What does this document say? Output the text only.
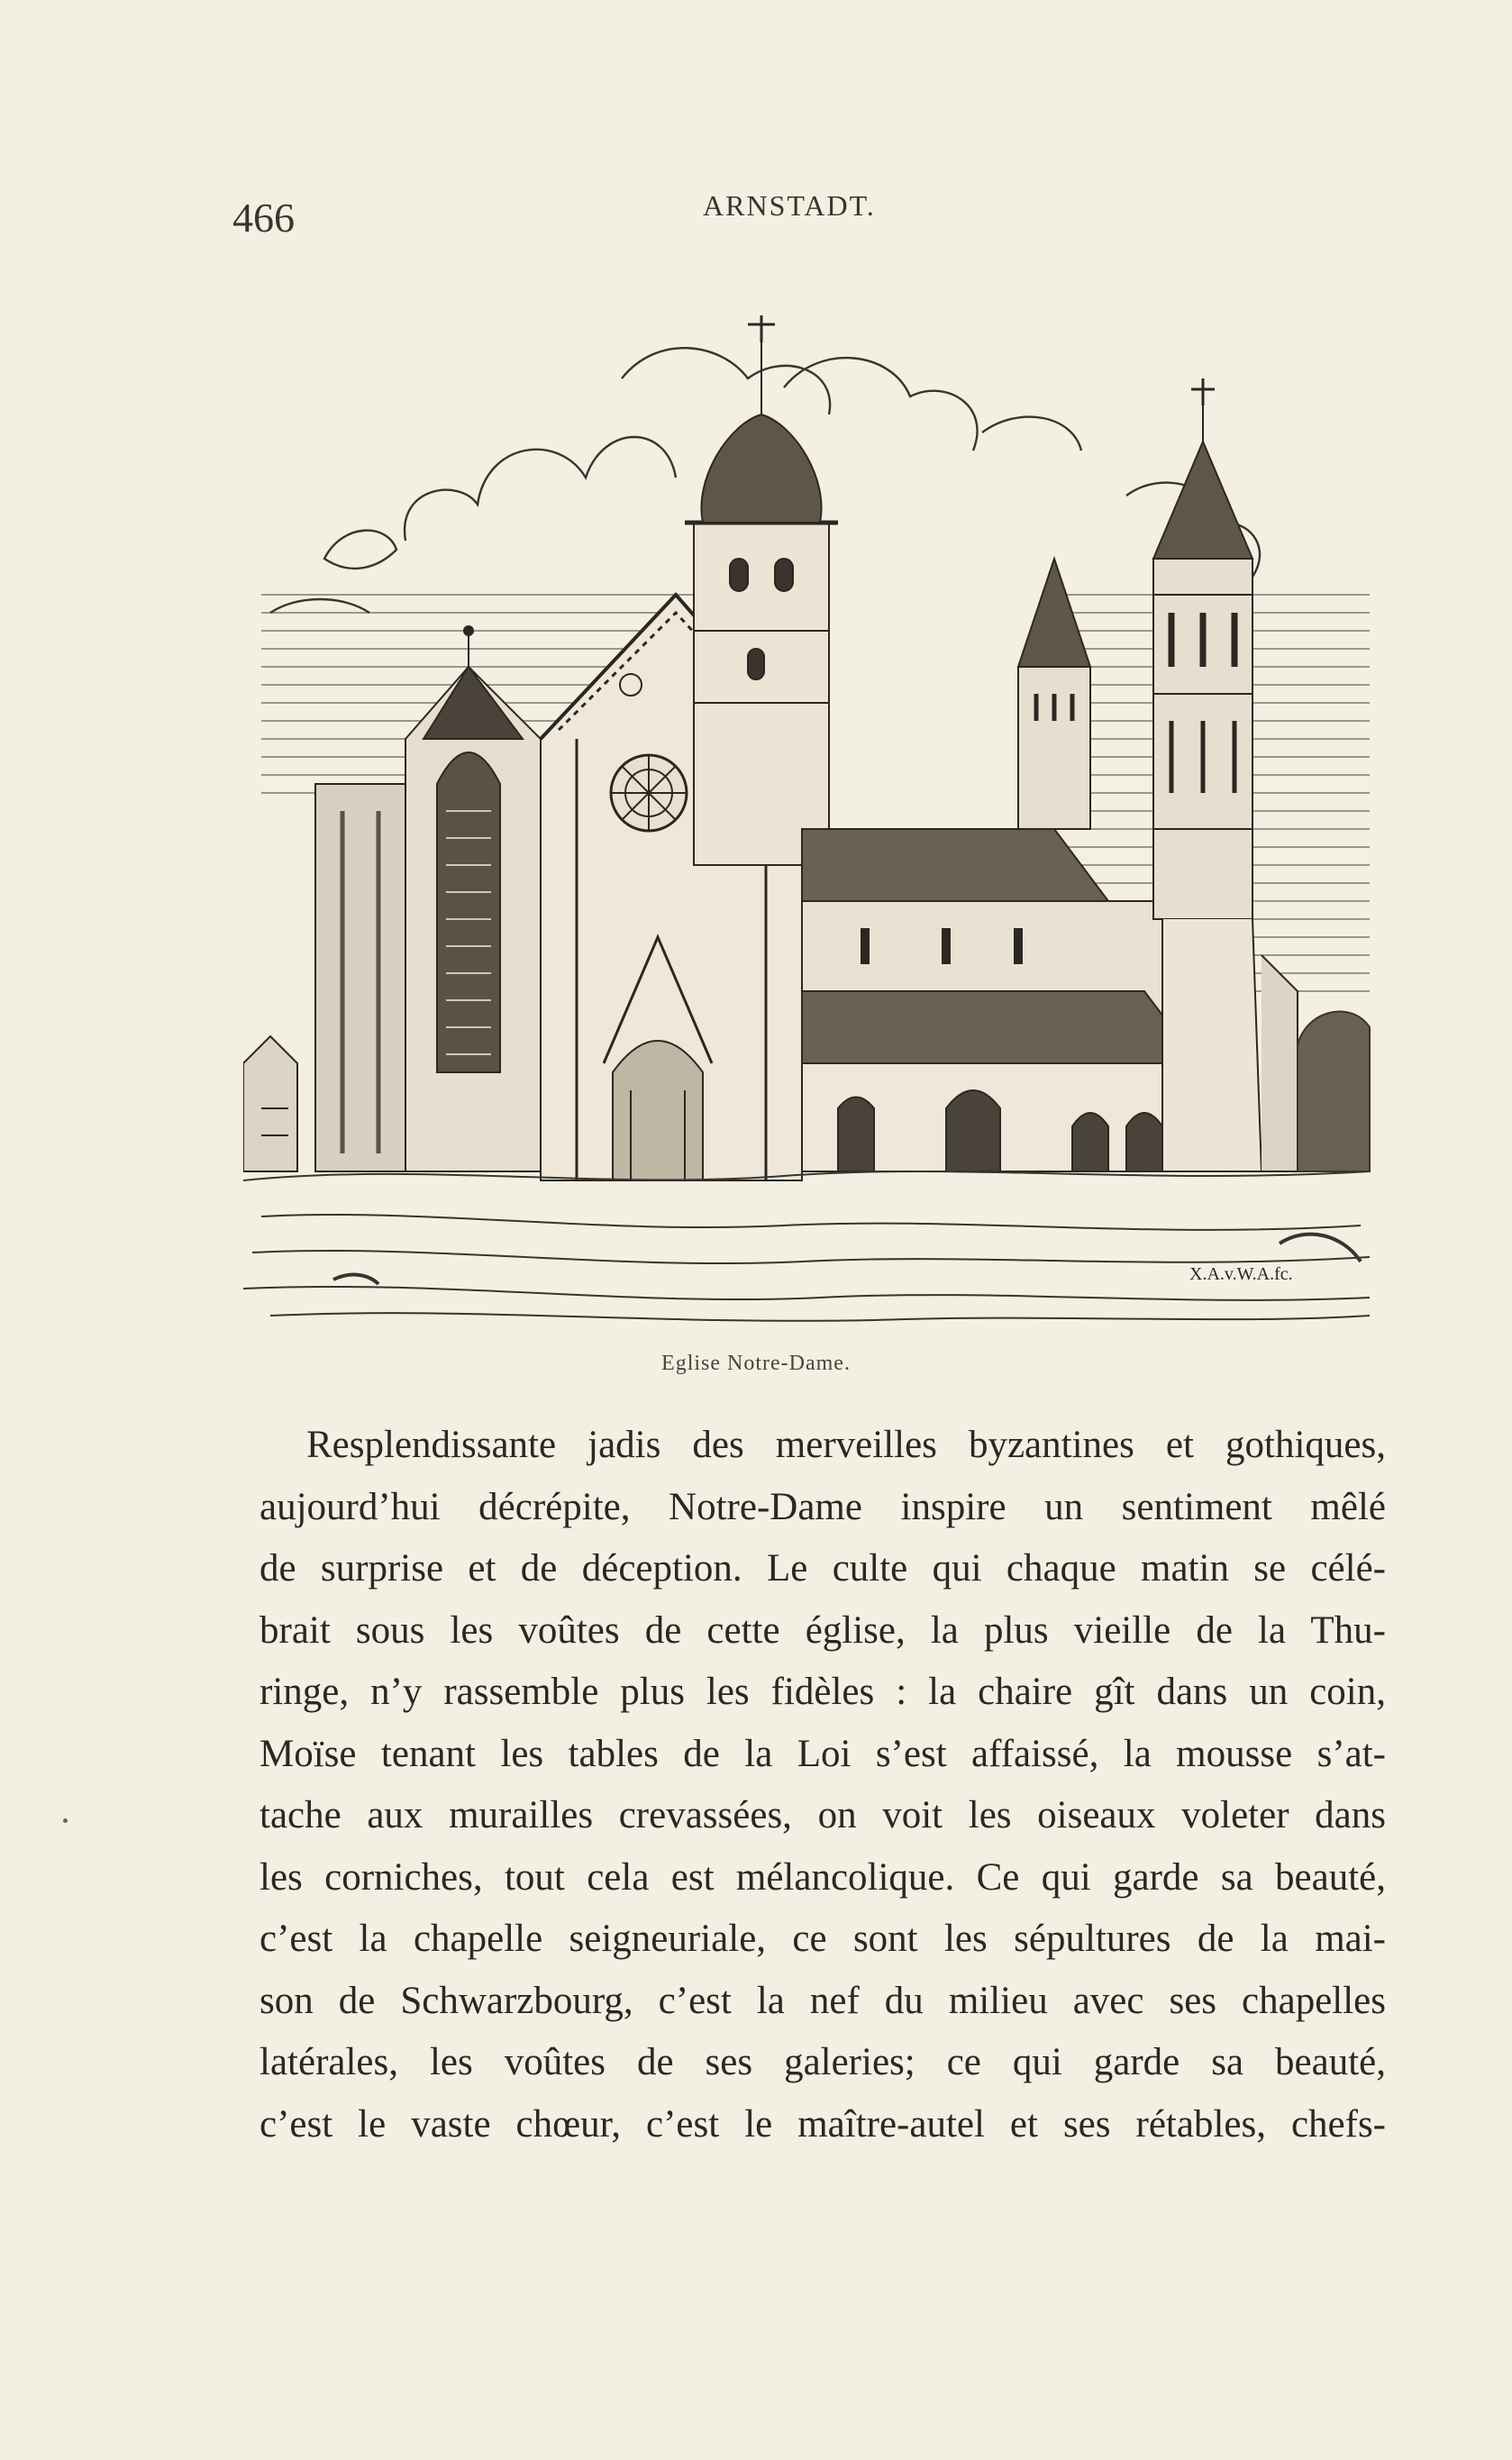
466	ARNSTADT.
X.A.v.W.A.fc.
Eglise Notre-Dame.
Resplendissante jadis des merveilles byzantines et gothiques,
aujourd’hui décrépite, Notre-Dame inspire un sentiment mêlé
de surprise et de déception. Le culte qui chaque matin se célé-
brait sous les voûtes de cette église, la plus vieille de la Thu-
ringe, n’y rassemble plus les fidèles : la chaire gît dans un coin,
Moïse tenant les tables de la Loi s’est affaissé, la mousse s’at-
tache aux murailles crevassées, on voit les oiseaux voleter dans
les corniches, tout cela est mélancolique. Ce qui garde sa beauté,
c’est la chapelle seigneuriale, ce sont les sépultures de la mai-
son de Schwarzbourg, c’est la nef du milieu avec ses chapelles
latérales, les voûtes de ses galeries; ce qui garde sa beauté,
c’est le vaste chœur, c’est le maître-autel et ses rétables, chefs-
